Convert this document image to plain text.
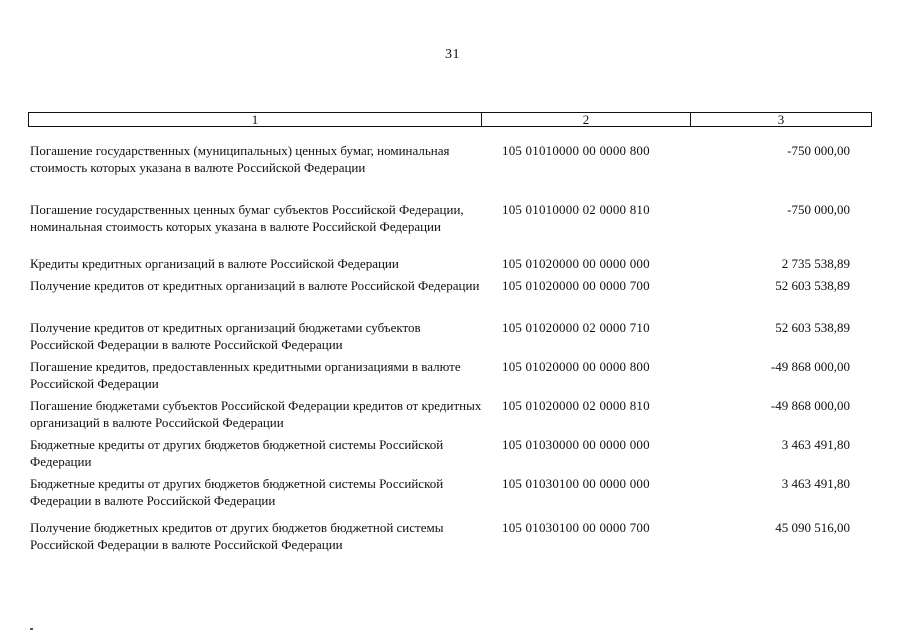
31
1	2	3
Погашение государственных (муниципальных) ценных бумаг, номинальная стоимость которых указана в валюте Российской Федерации
105 01010000 00 0000 800	-750 000,00
Погашение государственных ценных бумаг субъектов Российской Федерации, номинальная стоимость которых указана в валюте Российской Федерации
105 01010000 02 0000 810	-750 000,00
Кредиты кредитных организаций в валюте Российской Федерации	105 01020000 00 0000 000	2 735 538,89
Получение кредитов от кредитных организаций в валюте Российской Федерации	105 01020000 00 0000 700	52 603 538,89
Получение кредитов от кредитных организаций бюджетами субъектов Российской Федерации в валюте Российской Федерации
105 01020000 02 0000 710	52 603 538,89
Погашение кредитов, предоставленных кредитными организациями в валюте Российской Федерации
105 01020000 00 0000 800	-49 868 000,00
Погашение бюджетами субъектов Российской Федерации кредитов от кредитных организаций в валюте Российской Федерации
105 01020000 02 0000 810	-49 868 000,00
Бюджетные кредиты от других бюджетов бюджетной системы Российской Федерации
105 01030000 00 0000 000	3 463 491,80
Бюджетные кредиты от других бюджетов бюджетной системы Российской Федерации в валюте Российской Федерации
105 01030100 00 0000 000	3 463 491,80
Получение бюджетных кредитов от других бюджетов бюджетной системы Российской Федерации в валюте Российской Федерации
105 01030100 00 0000 700	45 090 516,00
